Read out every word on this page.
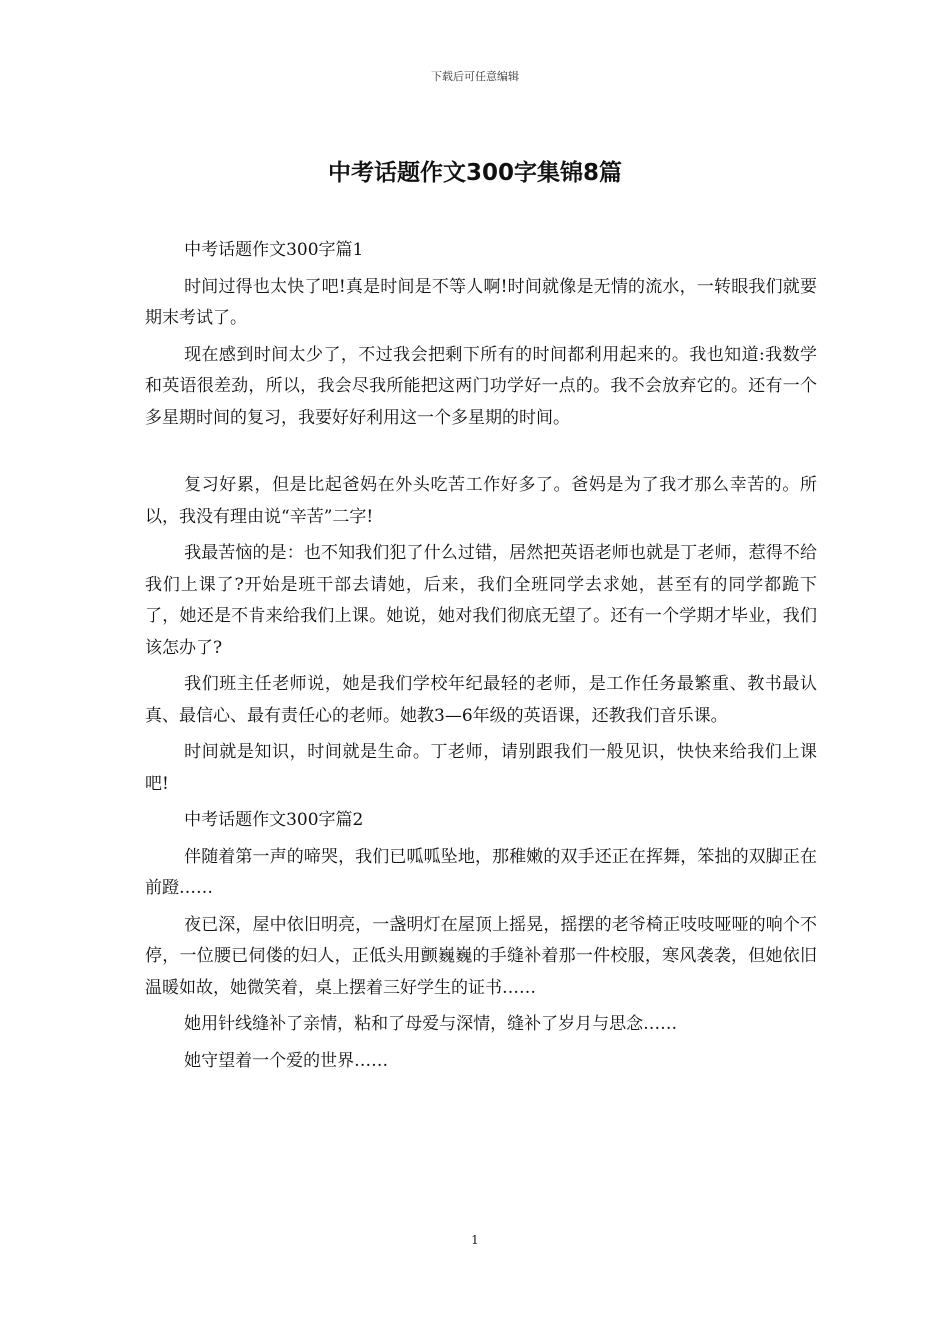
下载后可任意编辑
中考话题作文300字集锦8篇

中考话题作文300字篇1

时间过得也太快了吧!真是时间是不等人啊!时间就像是无情的流水，一转眼我们就要期末考试了。

现在感到时间太少了，不过我会把剩下所有的时间都利用起来的。我也知道:我数学和英语很差劲，所以，我会尽我所能把这两门功学好一点的。我不会放弃它的。还有一个多星期时间的复习，我要好好利用这一个多星期的时间。

复习好累，但是比起爸妈在外头吃苦工作好多了。爸妈是为了我才那么幸苦的。所以，我没有理由说“辛苦”二字!

我最苦恼的是：也不知我们犯了什么过错，居然把英语老师也就是丁老师，惹得不给我们上课了?开始是班干部去请她，后来，我们全班同学去求她，甚至有的同学都跪下了，她还是不肯来给我们上课。她说，她对我们彻底无望了。还有一个学期才毕业，我们该怎办了?

我们班主任老师说，她是我们学校年纪最轻的老师，是工作任务最繁重、教书最认真、最信心、最有责任心的老师。她教3—6年级的英语课，还教我们音乐课。

时间就是知识，时间就是生命。丁老师，请别跟我们一般见识，快快来给我们上课吧!

中考话题作文300字篇2

伴随着第一声的啼哭，我们已呱呱坠地，那稚嫩的双手还正在挥舞，笨拙的双脚正在前蹬……

夜已深，屋中依旧明亮，一盏明灯在屋顶上摇晃，摇摆的老爷椅正吱吱哑哑的响个不停，一位腰已伺偻的妇人，正低头用颤巍巍的手缝补着那一件校服，寒风袭袭，但她依旧温暖如故，她微笑着，桌上摆着三好学生的证书……

她用针线缝补了亲情，粘和了母爱与深情，缝补了岁月与思念……

她守望着一个爱的世界……

1
